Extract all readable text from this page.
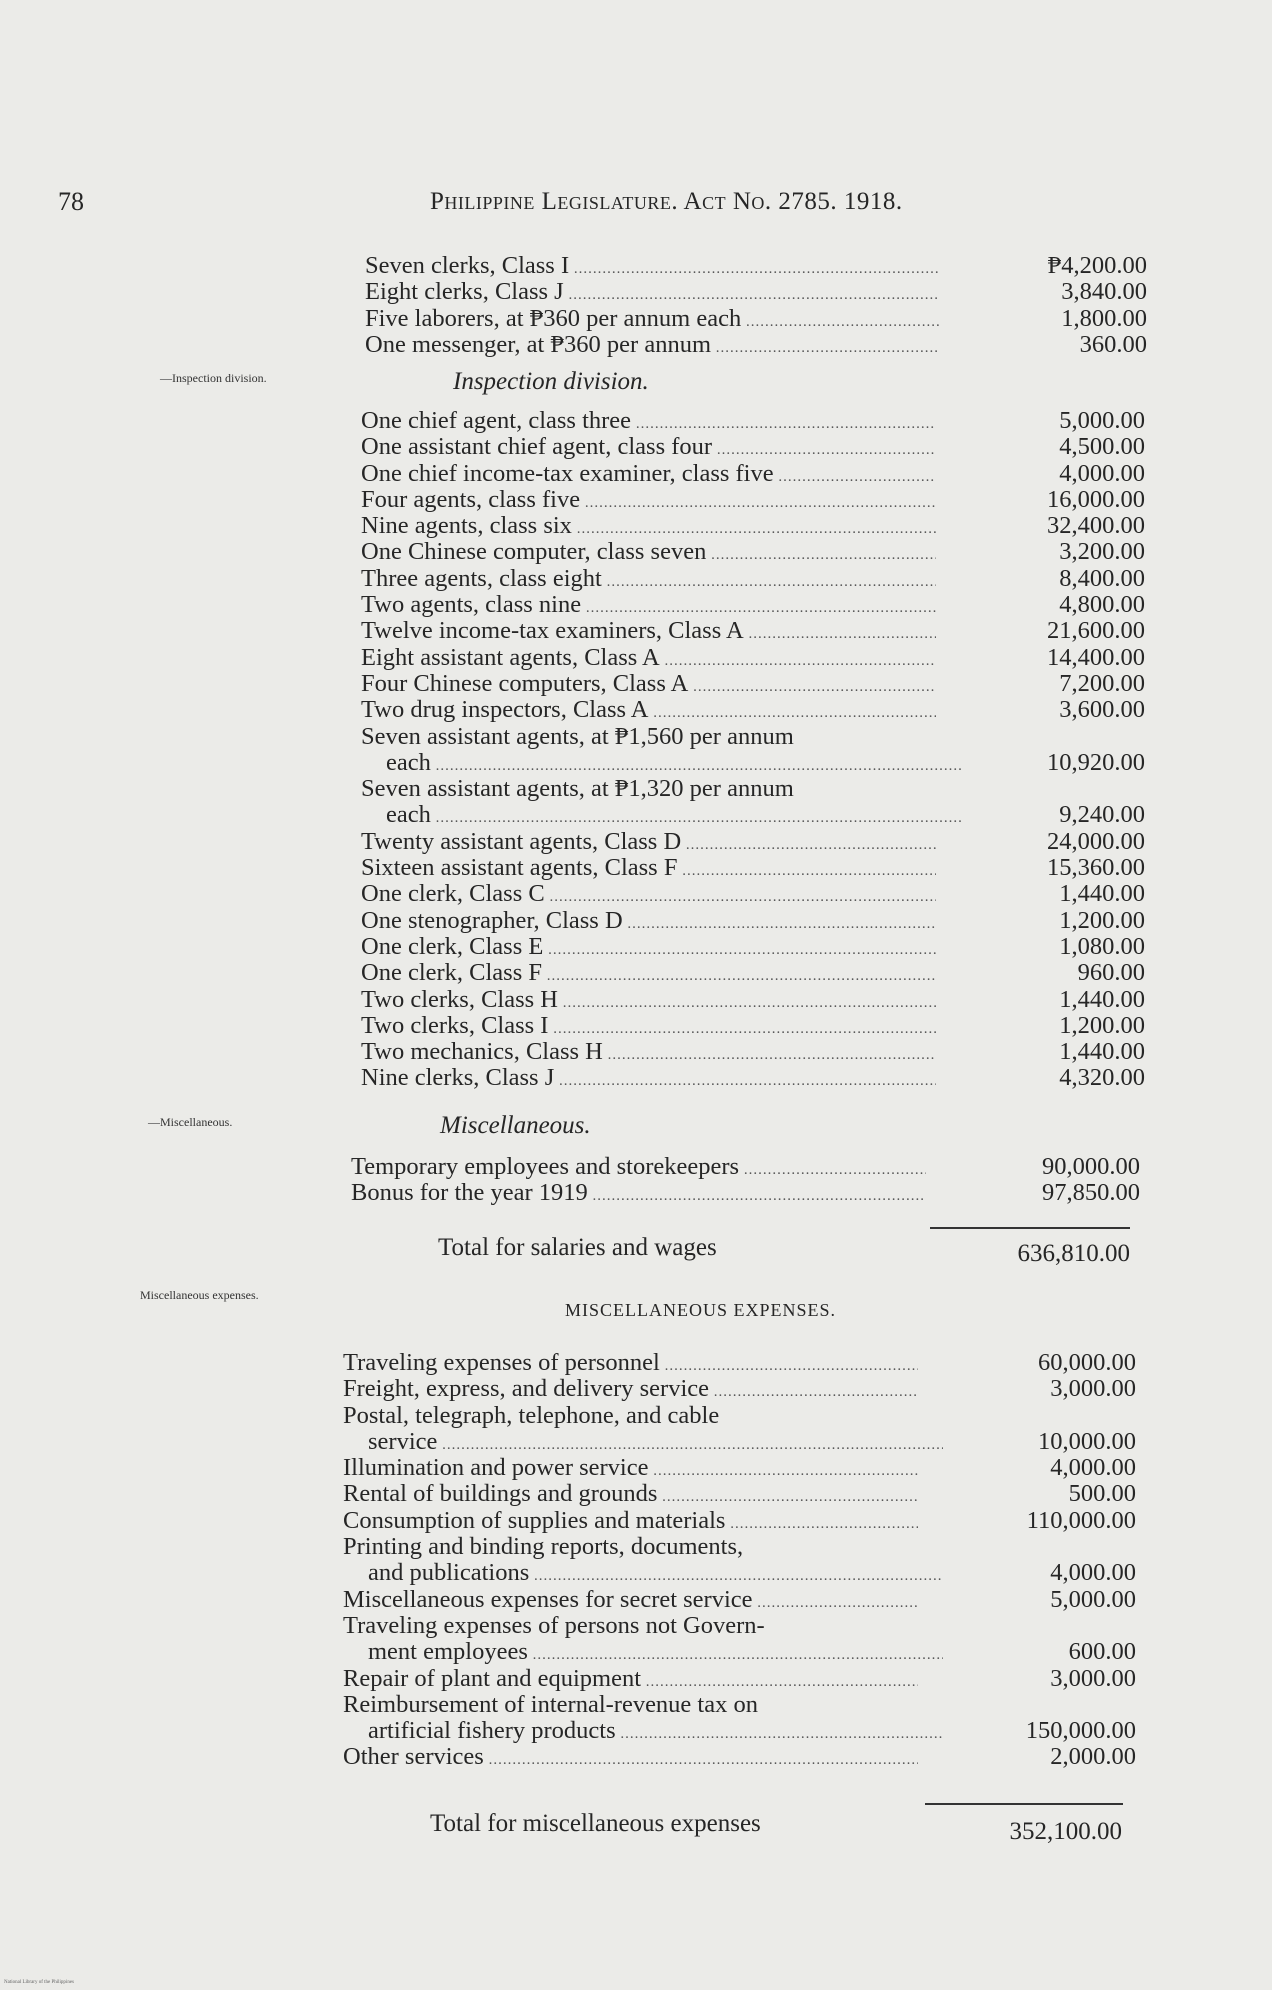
78	Philippine Legislature. Act No. 2785. 1918.
Seven clerks, Class I .....	₱4,200.00
Eight clerks, Class J .....	3,840.00
Five laborers, at ₱360 per annum each .....	1,800.00
One messenger, at ₱360 per annum .....	360.00
—Inspection division.	Inspection division.
One chief agent, class three .....	5,000.00
One assistant chief agent, class four .....	4,500.00
One chief income-tax examiner, class five .....	4,000.00
Four agents, class five .....	16,000.00
Nine agents, class six .....	32,400.00
One Chinese computer, class seven .....	3,200.00
Three agents, class eight .....	8,400.00
Two agents, class nine .....	4,800.00
Twelve income-tax examiners, Class A .....	21,600.00
Eight assistant agents, Class A .....	14,400.00
Four Chinese computers, Class A .....	7,200.00
Two drug inspectors, Class A .....	3,600.00
Seven assistant agents, at ₱1,560 per annum
each .....	10,920.00
Seven assistant agents, at ₱1,320 per annum
each .....	9,240.00
Twenty assistant agents, Class D .....	24,000.00
Sixteen assistant agents, Class F .....	15,360.00
One clerk, Class C .....	1,440.00
One stenographer, Class D .....	1,200.00
One clerk, Class E .....	1,080.00
One clerk, Class F .....	960.00
Two clerks, Class H .....	1,440.00
Two clerks, Class I .....	1,200.00
Two mechanics, Class H .....	1,440.00
Nine clerks, Class J .....	4,320.00
—Miscellaneous.	Miscellaneous.
Temporary employees and storekeepers .....	90,000.00
Bonus for the year 1919 .....	97,850.00
Total for salaries and wages	636,810.00
Miscellaneous expenses.
MISCELLANEOUS EXPENSES.
Traveling expenses of personnel .....	60,000.00
Freight, express, and delivery service .....	3,000.00
Postal, telegraph, telephone, and cable
service .....	10,000.00
Illumination and power service .....	4,000.00
Rental of buildings and grounds .....	500.00
Consumption of supplies and materials .....	110,000.00
Printing and binding reports, documents,
and publications .....	4,000.00
Miscellaneous expenses for secret service .....	5,000.00
Traveling expenses of persons not Govern-
ment employees .....	600.00
Repair of plant and equipment .....	3,000.00
Reimbursement of internal-revenue tax on
artificial fishery products .....	150,000.00
Other services .....	2,000.00
Total for miscellaneous expenses	352,100.00
National Library of the Philippines
